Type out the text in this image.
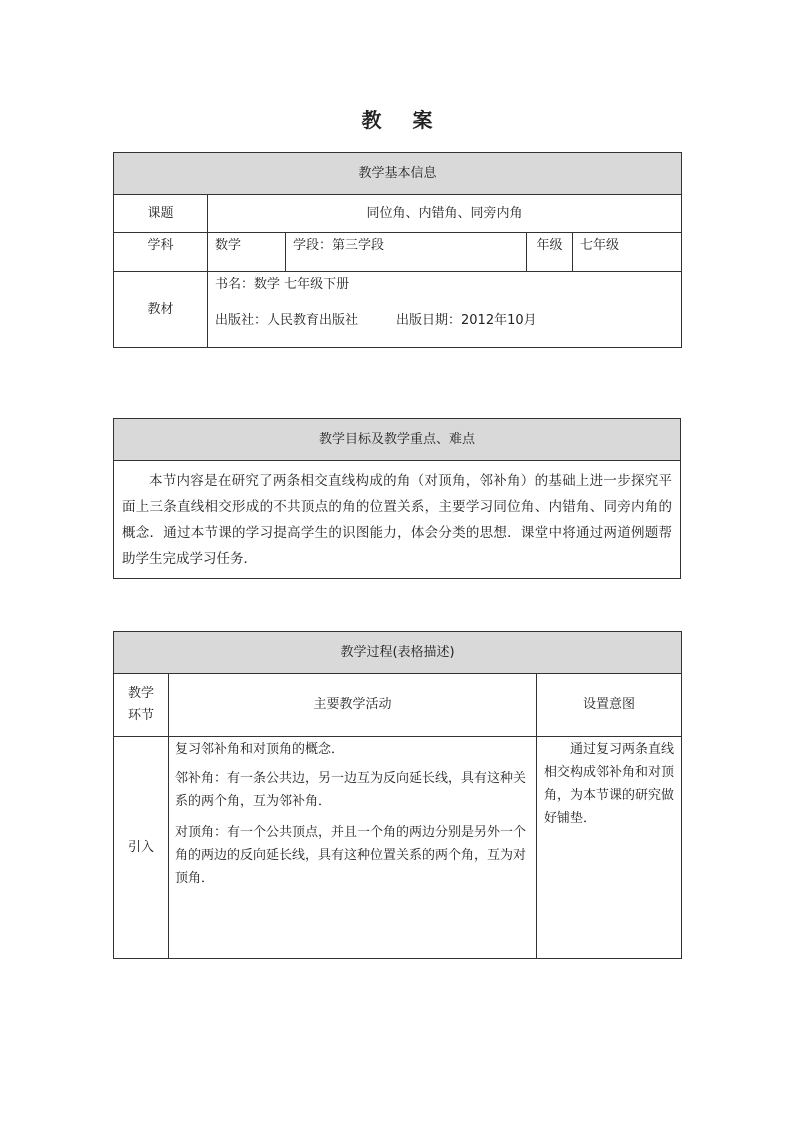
教 案
教学基本信息				
课题	同位角、内错角、同旁内角			
学科	数学	学段：第三学段	年级	七年级
教材	书名：数学 七年级下册
出版社：人民教育出版社 出版日期：2012年10月			
教学目标及教学重点、难点
本节内容是在研究了两条相交直线构成的角（对顶角，邻补角）的基础上进一步探究平面上三条直线相交形成的不共顶点的角的位置关系，主要学习同位角、内错角、同旁内角的概念．通过本节课的学习提高学生的识图能力，体会分类的思想．课堂中将通过两道例题帮助学生完成学习任务．
教学过程(表格描述)		
教学
环节	主要教学活动	设置意图
引入	复习邻补角和对顶角的概念．

邻补角：有一条公共边，另一边互为反向延长线，具有这种关系的两个角，互为邻补角．

对顶角：有一个公共顶点，并且一个角的两边分别是另外一个角的两边的反向延长线，具有这种位置关系的两个角，互为对顶角．	通过复习两条直线相交构成邻补角和对顶角，为本节课的研究做好铺垫．
